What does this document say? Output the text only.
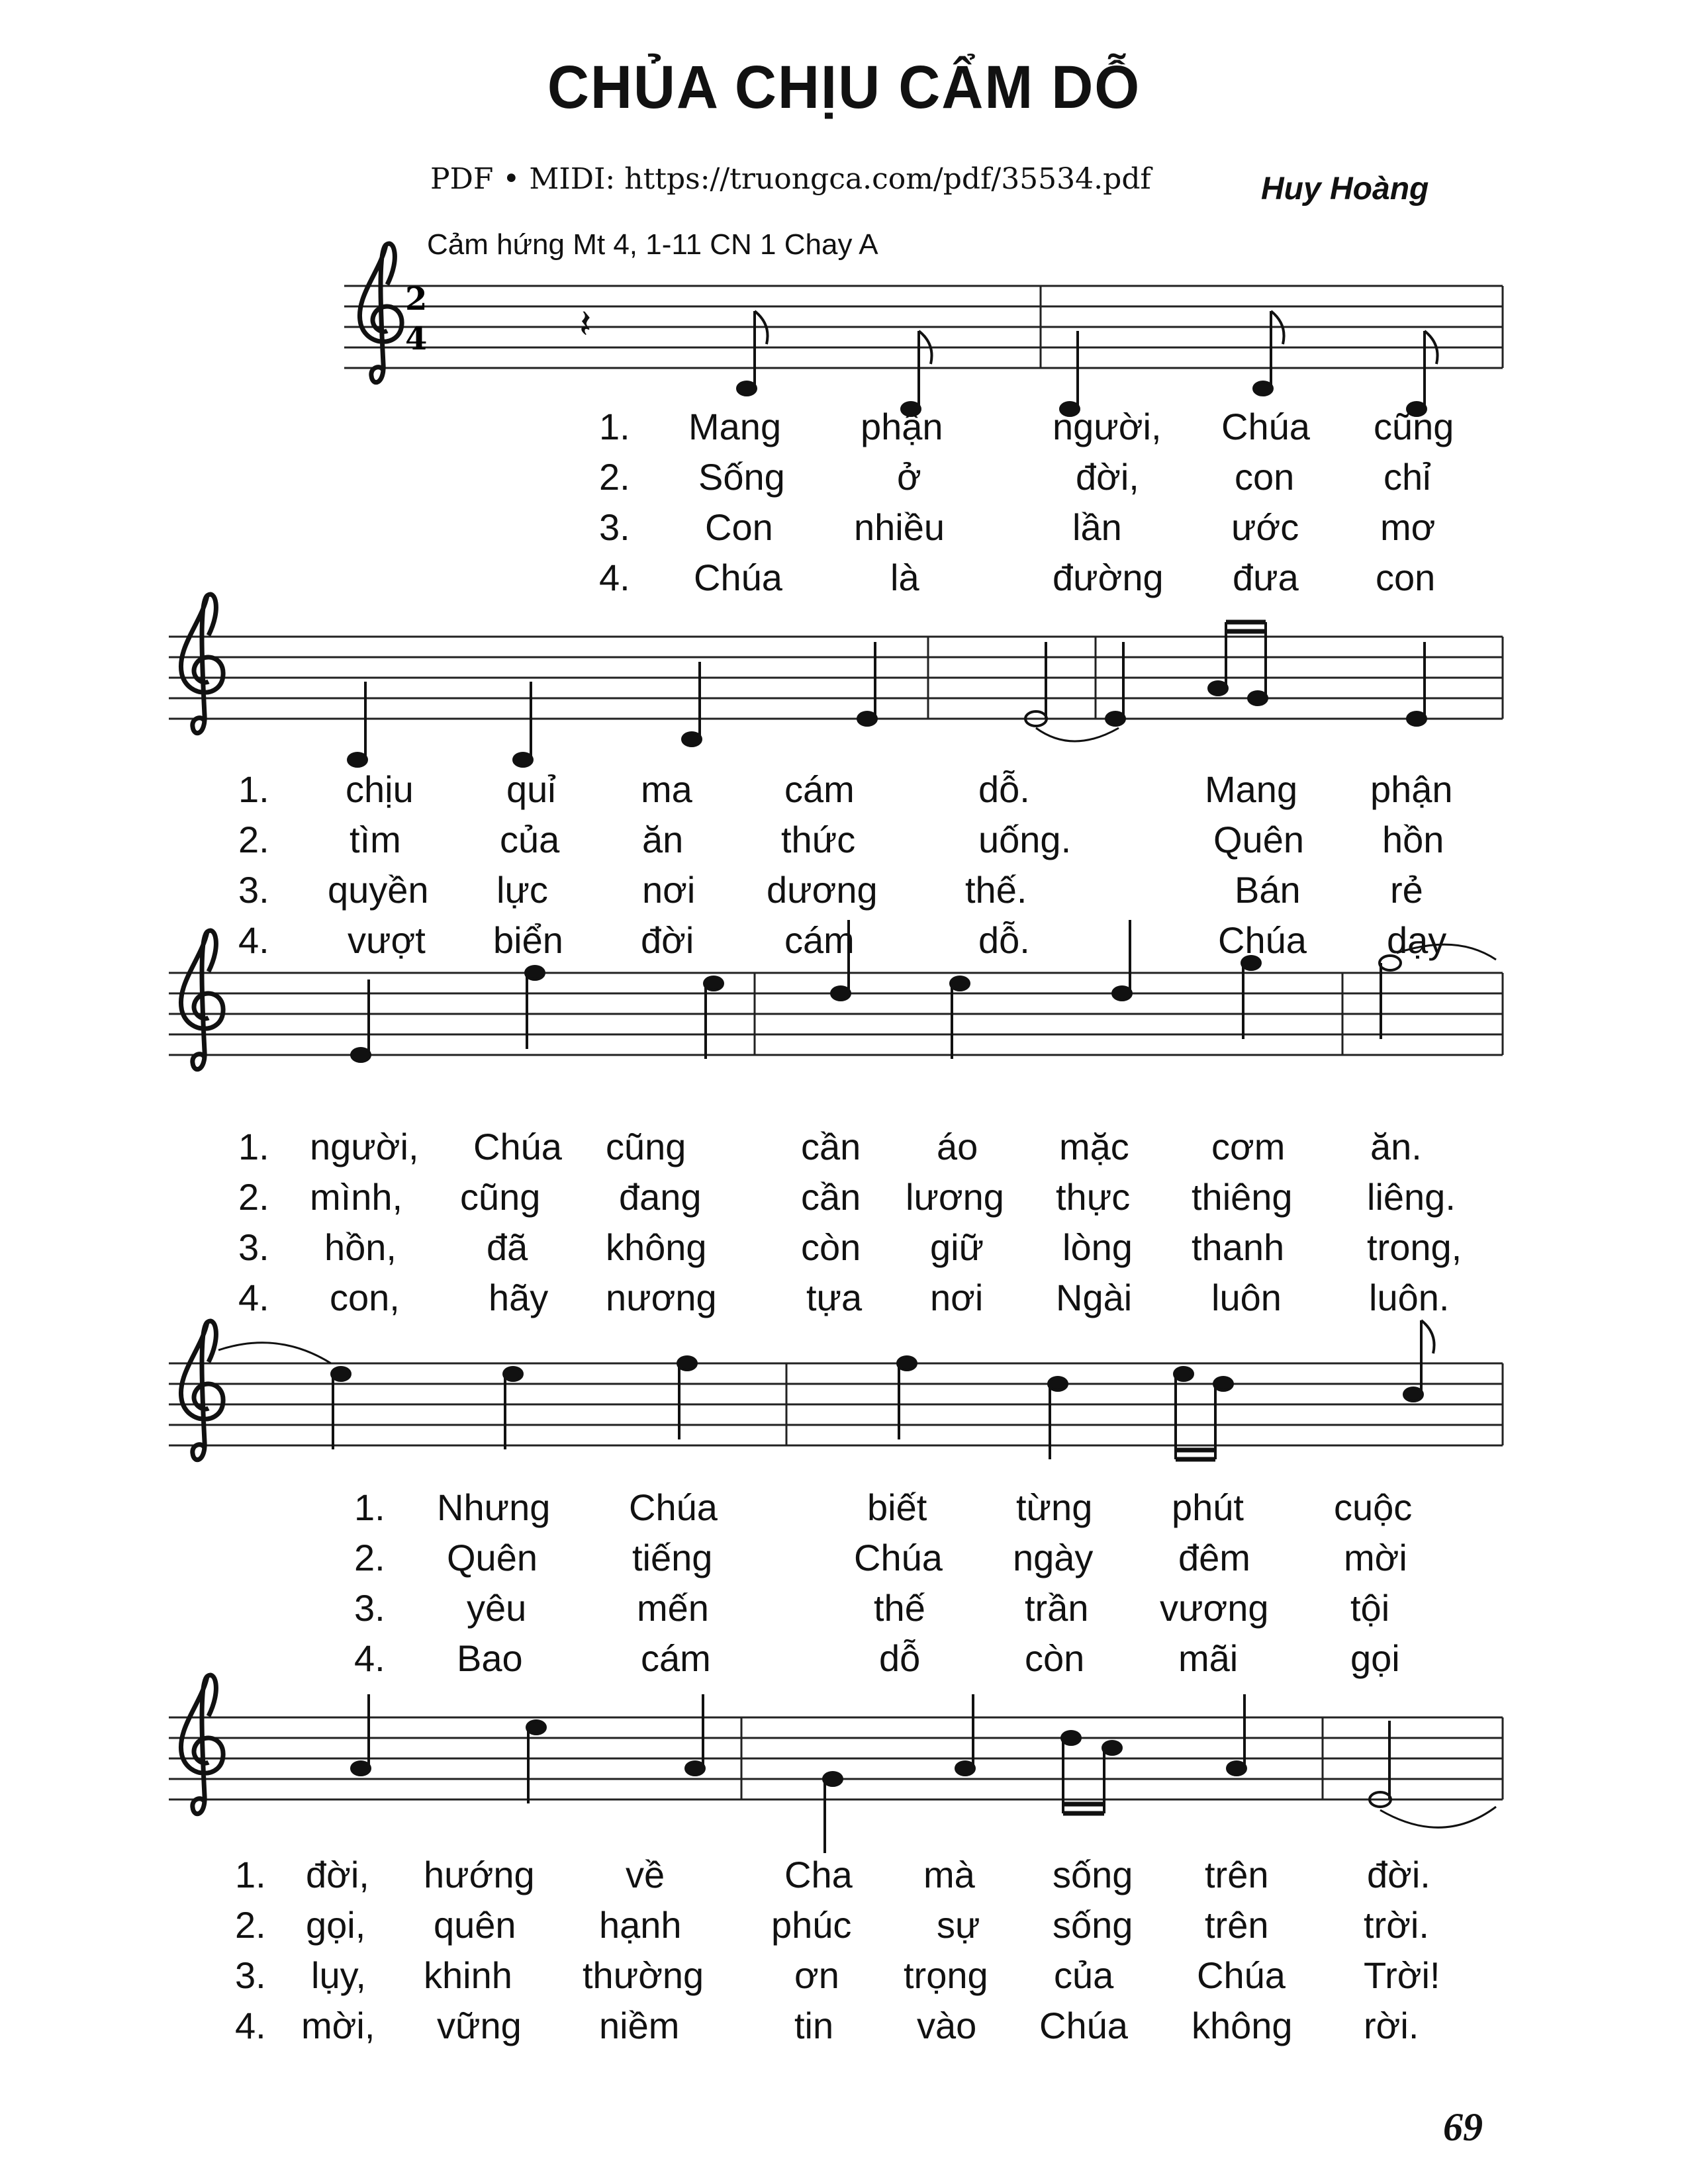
CHỦA CHỊU CẨM DỖ
PDF • MIDI: https://truongca.com/pdf/35534.pdf	Huy Hoàng
Cảm hứng Mt 4, 1-11 CN 1 Chay A
2
4	𝄽
1. Mang phận	người, Chúa cũng
2. Sống	ở	đời,	con chỉ
3. Con nhiều	lần	ước mơ
4. Chúa	là	đường đưa con
1. chịu	quỉ ma cám	dỗ.	Mang phận
2. tìm	của ăn	thức	uống.	Quên hồn
3. quyền lực	nơi dương thế.	Bán rẻ
4. vượt biển đời cám	dỗ.	Chúa dạy
1. người, Chúa cũng	cần áo mặc cơm ăn.
2. mình, cũng đang	cần lương thực thiêng liêng.
3. hồn, đã không	còn giữ lòng thanh trong,
4. con, hãy nương tựa nơi Ngài luôn luôn.
1. Nhưng Chúa	biết từng phút cuộc
2. Quên	tiếng	Chúa ngày đêm	mời
3. yêu	mến	thế	trần vương tội
4. Bao	cám	dỗ	còn	mãi	gọi
1. đời, hướng về	Cha mà sống trên	đời.
2. gọi, quên hạnh phúc sự sống trên	trời.
3. lụy, khinh thường ơn trọng của Chúa Trời!
4. mời, vững niềm	tin vào Chúa không rời.
69
